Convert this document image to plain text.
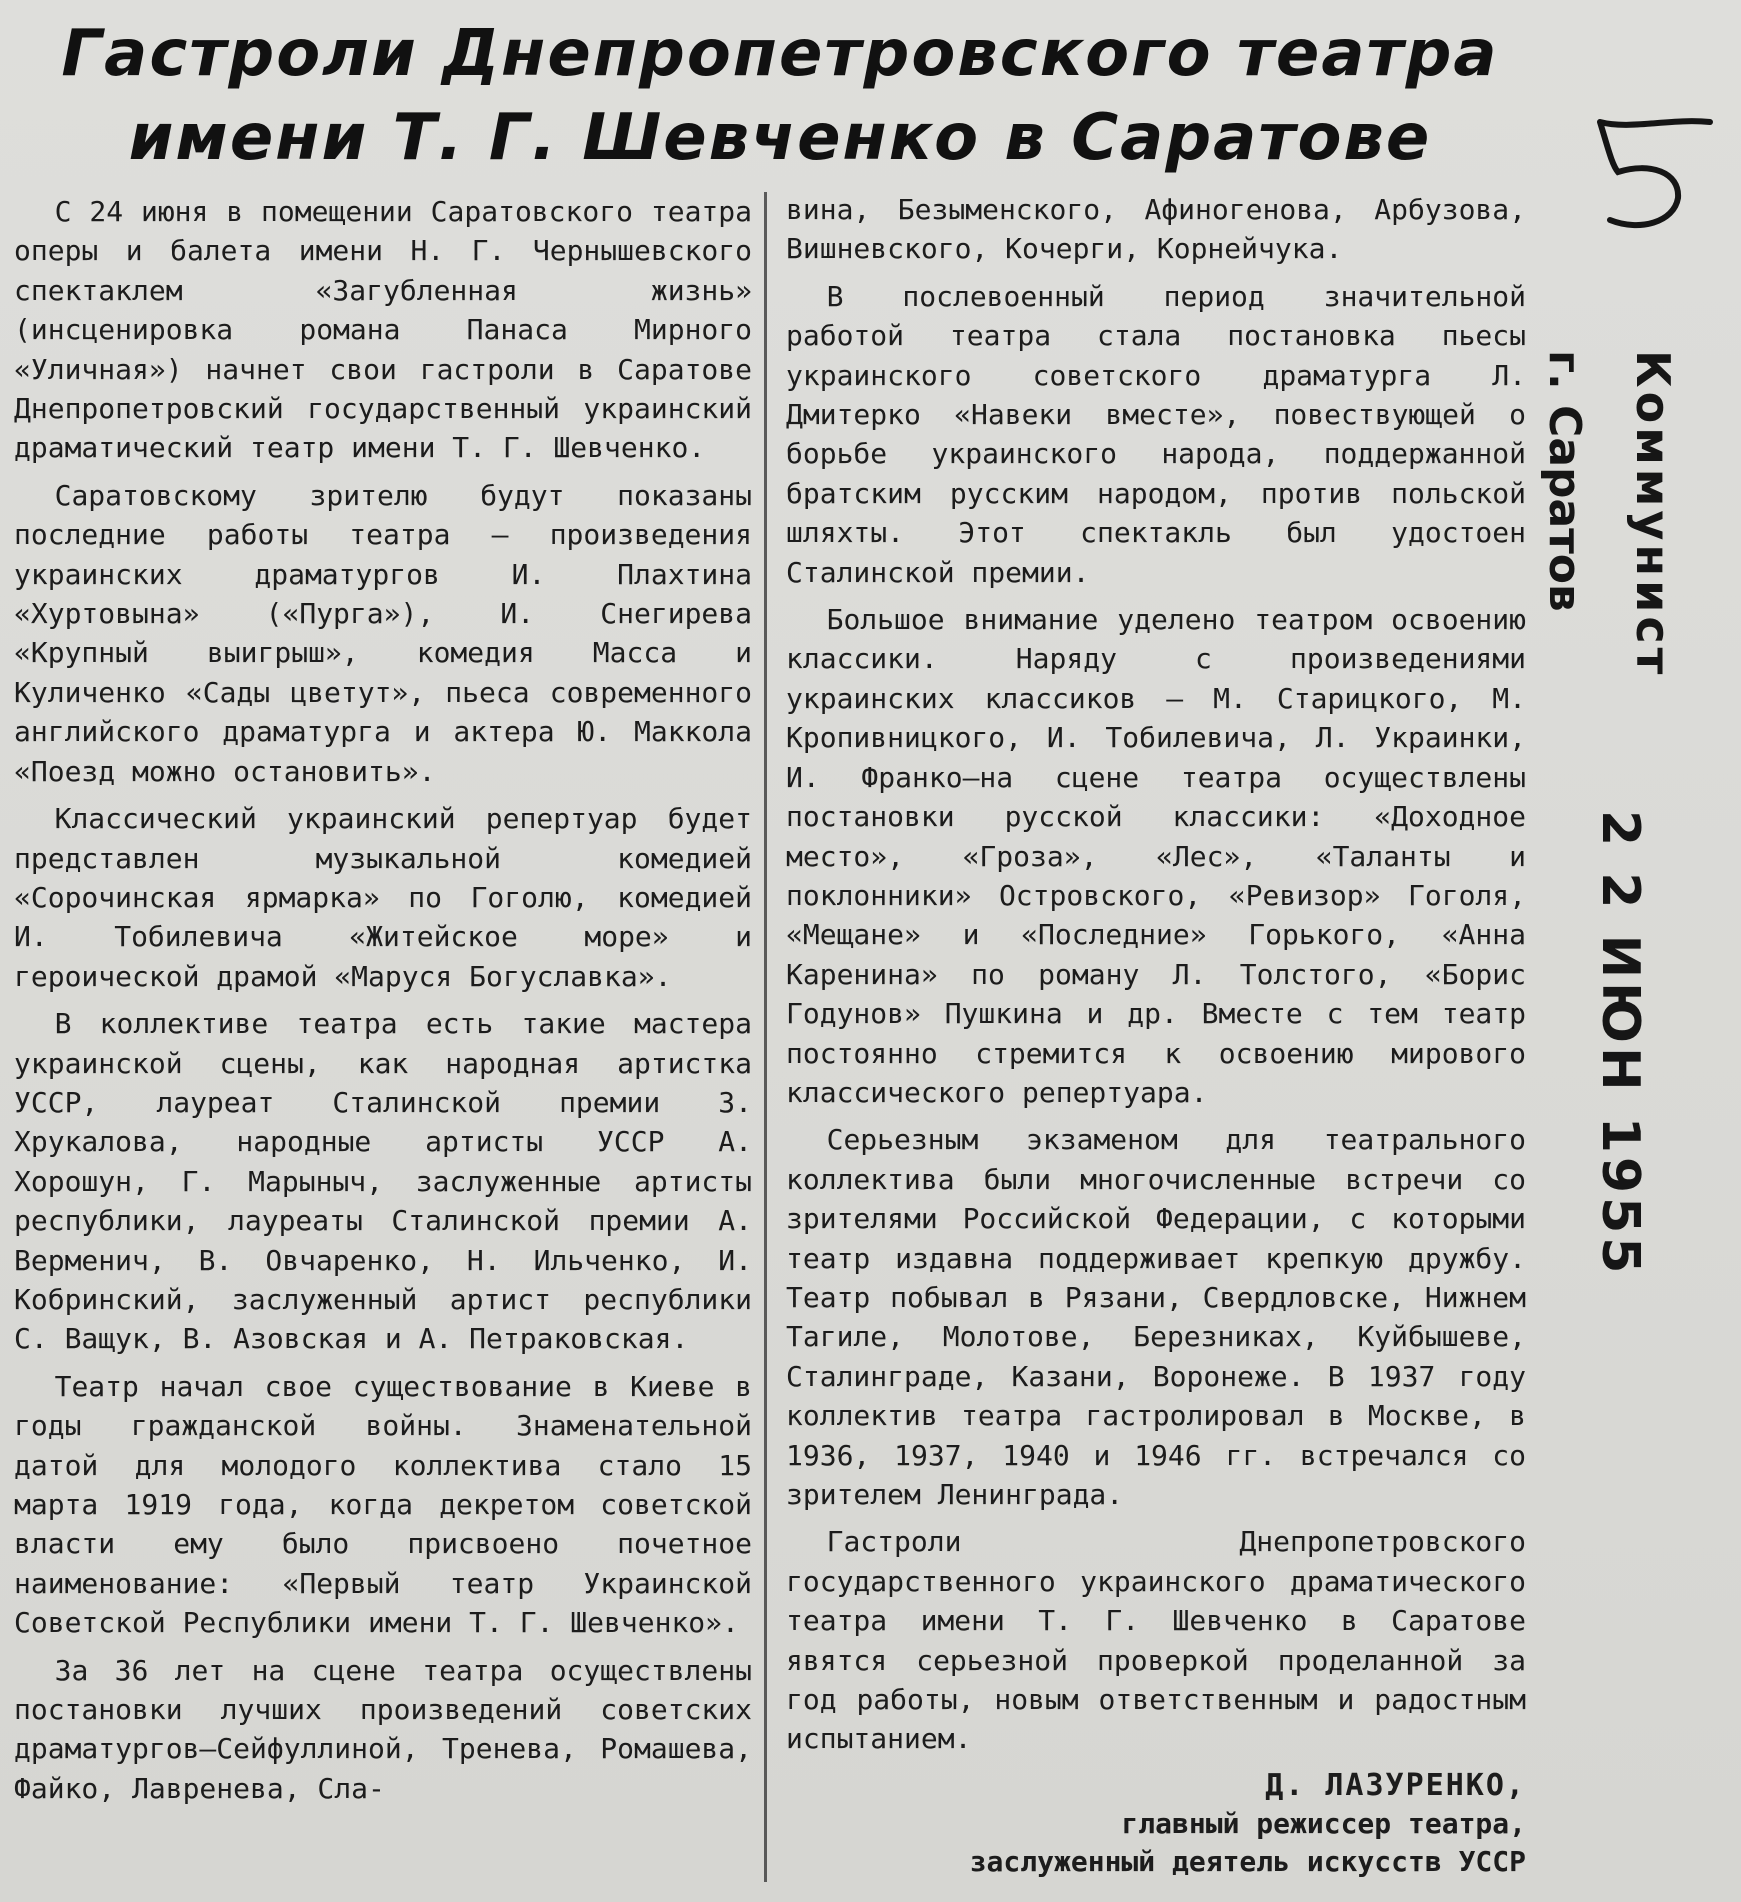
Гастроли Днепропетровского театра
имени Т. Г. Шевченко в Саратове

С 24 июня в помещении Саратовского театра оперы и балета имени Н. Г. Чернышевского спектаклем «Загубленная жизнь» (инсценировка романа Панаса Мирного «Уличная») начнет свои гастроли в Саратове Днепропетровский государственный украинский драматический театр имени Т. Г. Шевченко.

Саратовскому зрителю будут показаны последние работы театра — произведения украинских драматургов И. Плахтина «Хуртовына» («Пурга»), И. Снегирева «Крупный выигрыш», комедия Масса и Куличенко «Сады цветут», пьеса современного английского драматурга и актера Ю. Маккола «Поезд можно остановить».

Классический украинский репертуар будет представлен музыкальной комедией «Сорочинская ярмарка» по Гоголю, комедией И. Тобилевича «Житейское море» и героической драмой «Маруся Богуславка».

В коллективе театра есть такие мастера украинской сцены, как народная артистка УССР, лауреат Сталинской премии З. Хрукалова, народные артисты УССР А. Хорошун, Г. Марыныч, заслуженные артисты республики, лауреаты Сталинской премии А. Верменич, В. Овчаренко, Н. Ильченко, И. Кобринский, заслуженный артист республики С. Ващук, В. Азовская и А. Петраковская.

Театр начал свое существование в Киеве в годы гражданской войны. Знаменательной датой для молодого коллектива стало 15 марта 1919 года, когда декретом советской власти ему было присвоено почетное наименование: «Первый театр Украинской Советской Республики имени Т. Г. Шевченко».

За 36 лет на сцене театра осуществлены постановки лучших произведений советских драматургов—Сейфуллиной, Тренева, Ромашева, Файко, Лавренева, Сла-

вина, Безыменского, Афиногенова, Арбузова, Вишневского, Кочерги, Корнейчука.

В послевоенный период значительной работой театра стала постановка пьесы украинского советского драматурга Л. Дмитерко «Навеки вместе», повествующей о борьбе украинского народа, поддержанной братским русским народом, против польской шляхты. Этот спектакль был удостоен Сталинской премии.

Большое внимание уделено театром освоению классики. Наряду с произведениями украинских классиков — М. Старицкого, М. Кропивницкого, И. Тобилевича, Л. Украинки, И. Франко—на сцене театра осуществлены постановки русской классики: «Доходное место», «Гроза», «Лес», «Таланты и поклонники» Островского, «Ревизор» Гоголя, «Мещане» и «Последние» Горького, «Анна Каренина» по роману Л. Толстого, «Борис Годунов» Пушкина и др. Вместе с тем театр постоянно стремится к освоению мирового классического репертуара.

Серьезным экзаменом для театрального коллектива были многочисленные встречи со зрителями Российской Федерации, с которыми театр издавна поддерживает крепкую дружбу. Театр побывал в Рязани, Свердловске, Нижнем Тагиле, Молотове, Березниках, Куйбышеве, Сталинграде, Казани, Воронеже. В 1937 году коллектив театра гастролировал в Москве, в 1936, 1937, 1940 и 1946 гг. встречался со зрителем Ленинграда.

Гастроли Днепропетровского государственного украинского драматического театра имени Т. Г. Шевченко в Саратове явятся серьезной проверкой проделанной за год работы, новым ответственным и радостным испытанием.

Д. ЛАЗУРЕНКО,
главный режиссер театра,
заслуженный деятель искусств УССР
Коммунист
г. Саратов
2 2 ИЮН 1955
